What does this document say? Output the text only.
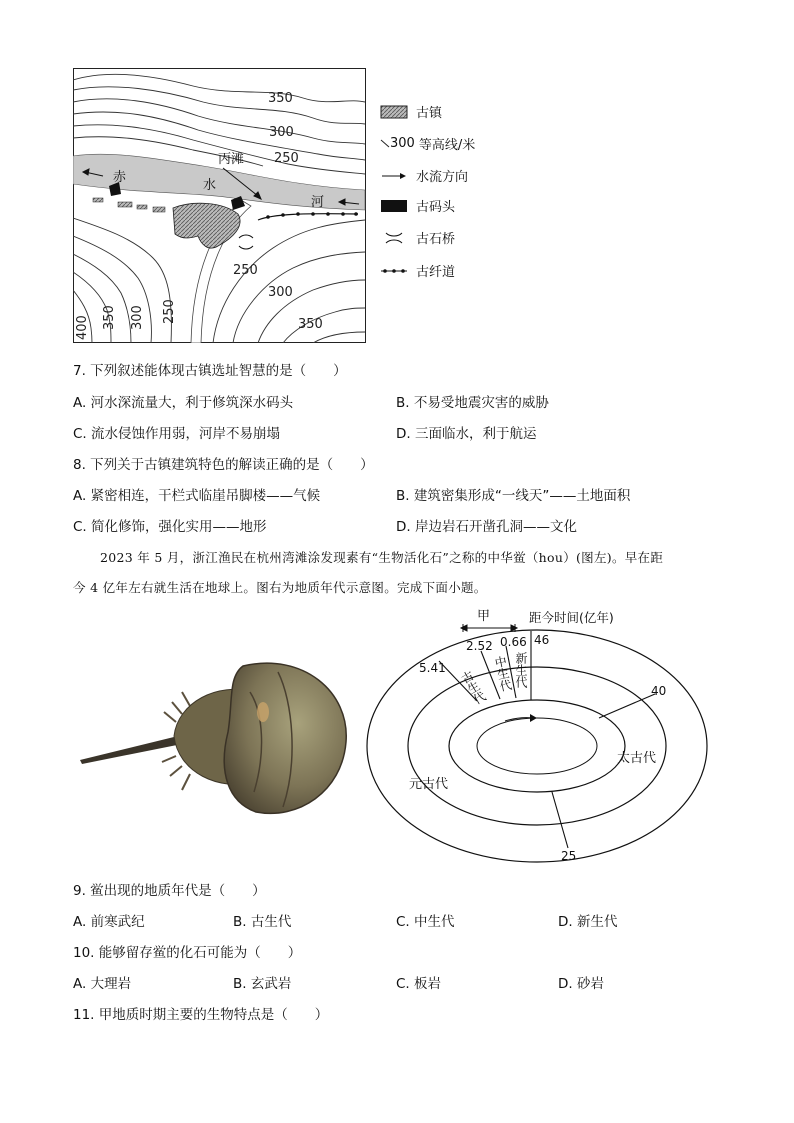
350
300
250
250
300
350
400 350 300 250
丙滩
赤
水
河
古镇
300 等高线/米
水流方向
古码头
古石桥
古纤道
7. 下列叙述能体现古镇选址智慧的是（　　）
A. 河水深流量大，利于修筑深水码头	B. 不易受地震灾害的威胁
C. 流水侵蚀作用弱，河岸不易崩塌	D. 三面临水，利于航运
8. 下列关于古镇建筑特色的解读正确的是（　　）
A. 紧密相连，干栏式临崖吊脚楼——气候	B. 建筑密集形成“一线天”——土地面积
C. 简化修饰，强化实用——地形	D. 岸边岩石开凿孔洞——文化
2023 年 5 月，浙江渔民在杭州湾滩涂发现素有“生物活化石”之称的中华鲎（hou）(图左)。早在距
今 4 亿年左右就生活在地球上。图右为地质年代示意图。完成下面小题。
甲	距今时间(亿年)
46
40
25
5.41
2.52 0.66
古生代 中生代 新生代
元古代
太古代
9. 鲎出现的地质年代是（　　）
A. 前寒武纪	B. 古生代	C. 中生代	D. 新生代
10. 能够留存鲎的化石可能为（　　）
A. 大理岩	B. 玄武岩	C. 板岩	D. 砂岩
11. 甲地质时期主要的生物特点是（　　）
